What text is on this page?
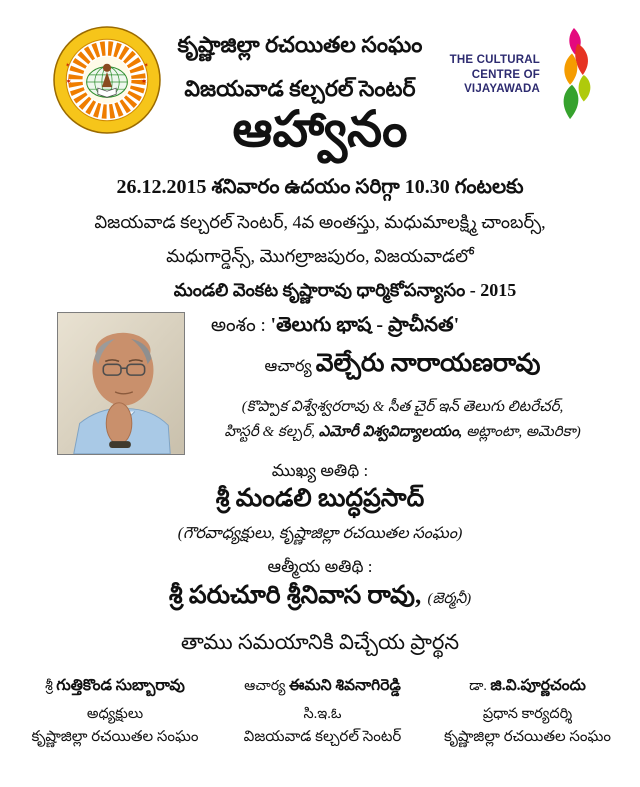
✶	✶
✶	✶
కృష్ణాజిల్లా రచయితల సంఘం
విజయవాడ కల్చరల్ సెంటర్
THE CULTURAL
CENTRE OF
VIJAYAWADA
ఆహ్వానం
26.12.2015 శనివారం ఉదయం సరిగ్గా 10.30 గంటలకు
విజయవాడ కల్చరల్ సెంటర్, 4వ అంతస్తు, మధుమాలక్ష్మి చాంబర్స్,
మధుగార్డెన్స్, మొగల్రాజపురం, విజయవాడలో
మండలి వెంకట కృష్ణారావు ధార్మికోపన్యాసం - 2015
అంశం : 'తెలుగు భాష - ప్రాచీనత'
ఆచార్య వెల్చేరు నారాయణరావు
(కొప్పాక విశ్వేశ్వరరావు & సీత చైర్ ఇన్ తెలుగు లిటరేచర్,
హిస్టరీ & కల్చర్, ఎమోరీ విశ్వవిద్యాలయం, అట్లాంటా, అమెరికా)
ముఖ్య అతిథి :
శ్రీ మండలి బుద్ధప్రసాద్
(గౌరవాధ్యక్షులు, కృష్ణాజిల్లా రచయితల సంఘం)
ఆత్మీయ అతిథి :
శ్రీ పరుచూరి శ్రీనివాస రావు, (జెర్మనీ)
తాము సమయానికి విచ్చేయ ప్రార్థన
శ్రీ గుత్తికొండ సుబ్బారావు
అధ్యక్షులు
కృష్ణాజిల్లా రచయితల సంఘం
ఆచార్య ఈమని శివనాగిరెడ్డి
సి.ఇ.ఓ
విజయవాడ కల్చరల్ సెంటర్
డా. జి.వి.పూర్ణచందు
ప్రధాన కార్యదర్శి
కృష్ణాజిల్లా రచయితల సంఘం
